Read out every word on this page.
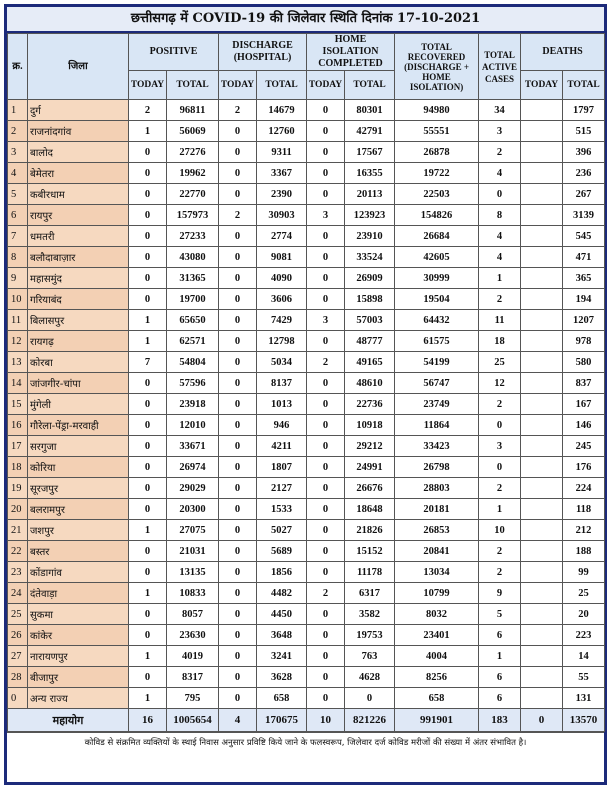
छत्तीसगढ़ में COVID-19 की जिलेवार स्थिति दिनांक 17-10-2021
क्र.	जिला	POSITIVE		DISCHARGE (HOSPITAL)		HOME ISOLATION COMPLETED		TOTAL RECOVERED (DISCHARGE + HOME ISOLATION)	TOTAL ACTIVE CASES	DEATHS	
		TODAY	TOTAL	TODAY	TOTAL	TODAY	TOTAL			TODAY	TOTAL
1	दुर्ग	2	96811	2	14679	0	80301	94980	34		1797
2	राजनांदगांव	1	56069	0	12760	0	42791	55551	3		515
3	बालोद	0	27276	0	9311	0	17567	26878	2		396
4	बेमेतरा	0	19962	0	3367	0	16355	19722	4		236
5	कबीरधाम	0	22770	0	2390	0	20113	22503	0		267
6	रायपुर	0	157973	2	30903	3	123923	154826	8		3139
7	धमतरी	0	27233	0	2774	0	23910	26684	4		545
8	बलौदाबाज़ार	0	43080	0	9081	0	33524	42605	4		471
9	महासमुंद	0	31365	0	4090	0	26909	30999	1		365
10	गरियाबंद	0	19700	0	3606	0	15898	19504	2		194
11	बिलासपुर	1	65650	0	7429	3	57003	64432	11		1207
12	रायगढ़	1	62571	0	12798	0	48777	61575	18		978
13	कोरबा	7	54804	0	5034	2	49165	54199	25		580
14	जांजगीर-चांपा	0	57596	0	8137	0	48610	56747	12		837
15	मुंगेली	0	23918	0	1013	0	22736	23749	2		167
16	गौरेला-पेंड्रा-मरवाही	0	12010	0	946	0	10918	11864	0		146
17	सरगुजा	0	33671	0	4211	0	29212	33423	3		245
18	कोरिया	0	26974	0	1807	0	24991	26798	0		176
19	सूरजपुर	0	29029	0	2127	0	26676	28803	2		224
20	बलरामपुर	0	20300	0	1533	0	18648	20181	1		118
21	जशपुर	1	27075	0	5027	0	21826	26853	10		212
22	बस्तर	0	21031	0	5689	0	15152	20841	2		188
23	कोंडागांव	0	13135	0	1856	0	11178	13034	2		99
24	दंतेवाड़ा	1	10833	0	4482	2	6317	10799	9		25
25	सुकमा	0	8057	0	4450	0	3582	8032	5		20
26	कांकेर	0	23630	0	3648	0	19753	23401	6		223
27	नारायणपुर	1	4019	0	3241	0	763	4004	1		14
28	बीजापुर	0	8317	0	3628	0	4628	8256	6		55
0	अन्य राज्य	1	795	0	658	0	0	658	6		131
महायोग		16	1005654	4	170675	10	821226	991901	183	0	13570
कोविड से संक्रमित व्यक्तियों के स्थाई निवास अनुसार प्रविष्टि किये जाने के फलस्वरूप, जिलेवार दर्ज कोविड मरीजों की संख्या में अंतर संभावित है।
